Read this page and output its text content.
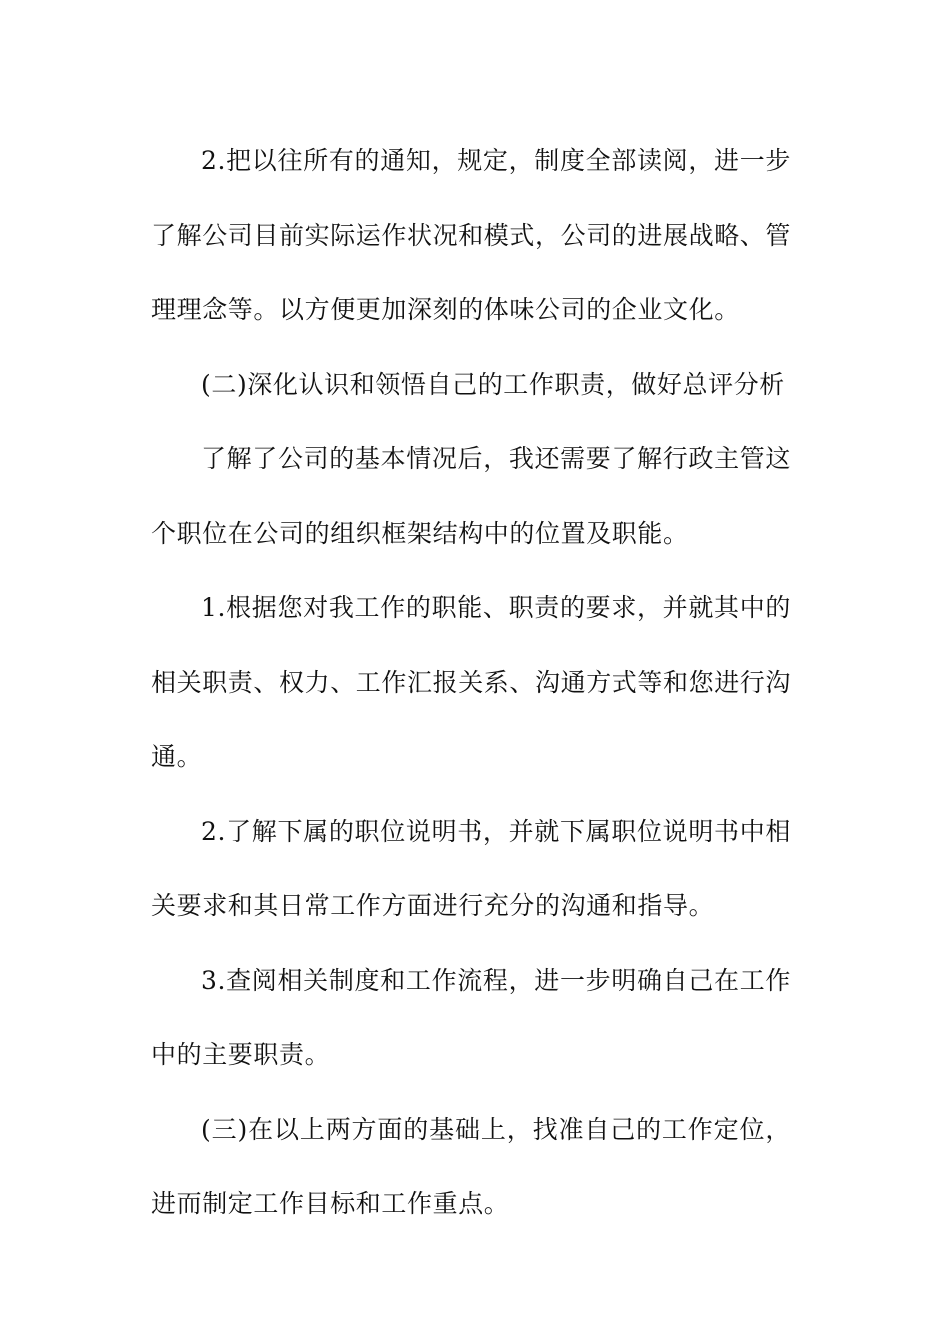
2.把以往所有的通知，规定，制度全部读阅，进一步了解公司目前实际运作状况和模式，公司的进展战略、管理理念等。以方便更加深刻的体味公司的企业文化。

(二)深化认识和领悟自己的工作职责，做好总评分析

了解了公司的基本情况后，我还需要了解行政主管这个职位在公司的组织框架结构中的位置及职能。

1.根据您对我工作的职能、职责的要求，并就其中的相关职责、权力、工作汇报关系、沟通方式等和您进行沟通。

2.了解下属的职位说明书，并就下属职位说明书中相关要求和其日常工作方面进行充分的沟通和指导。

3.查阅相关制度和工作流程，进一步明确自己在工作中的主要职责。

(三)在以上两方面的基础上，找准自己的工作定位，进而制定工作目标和工作重点。
